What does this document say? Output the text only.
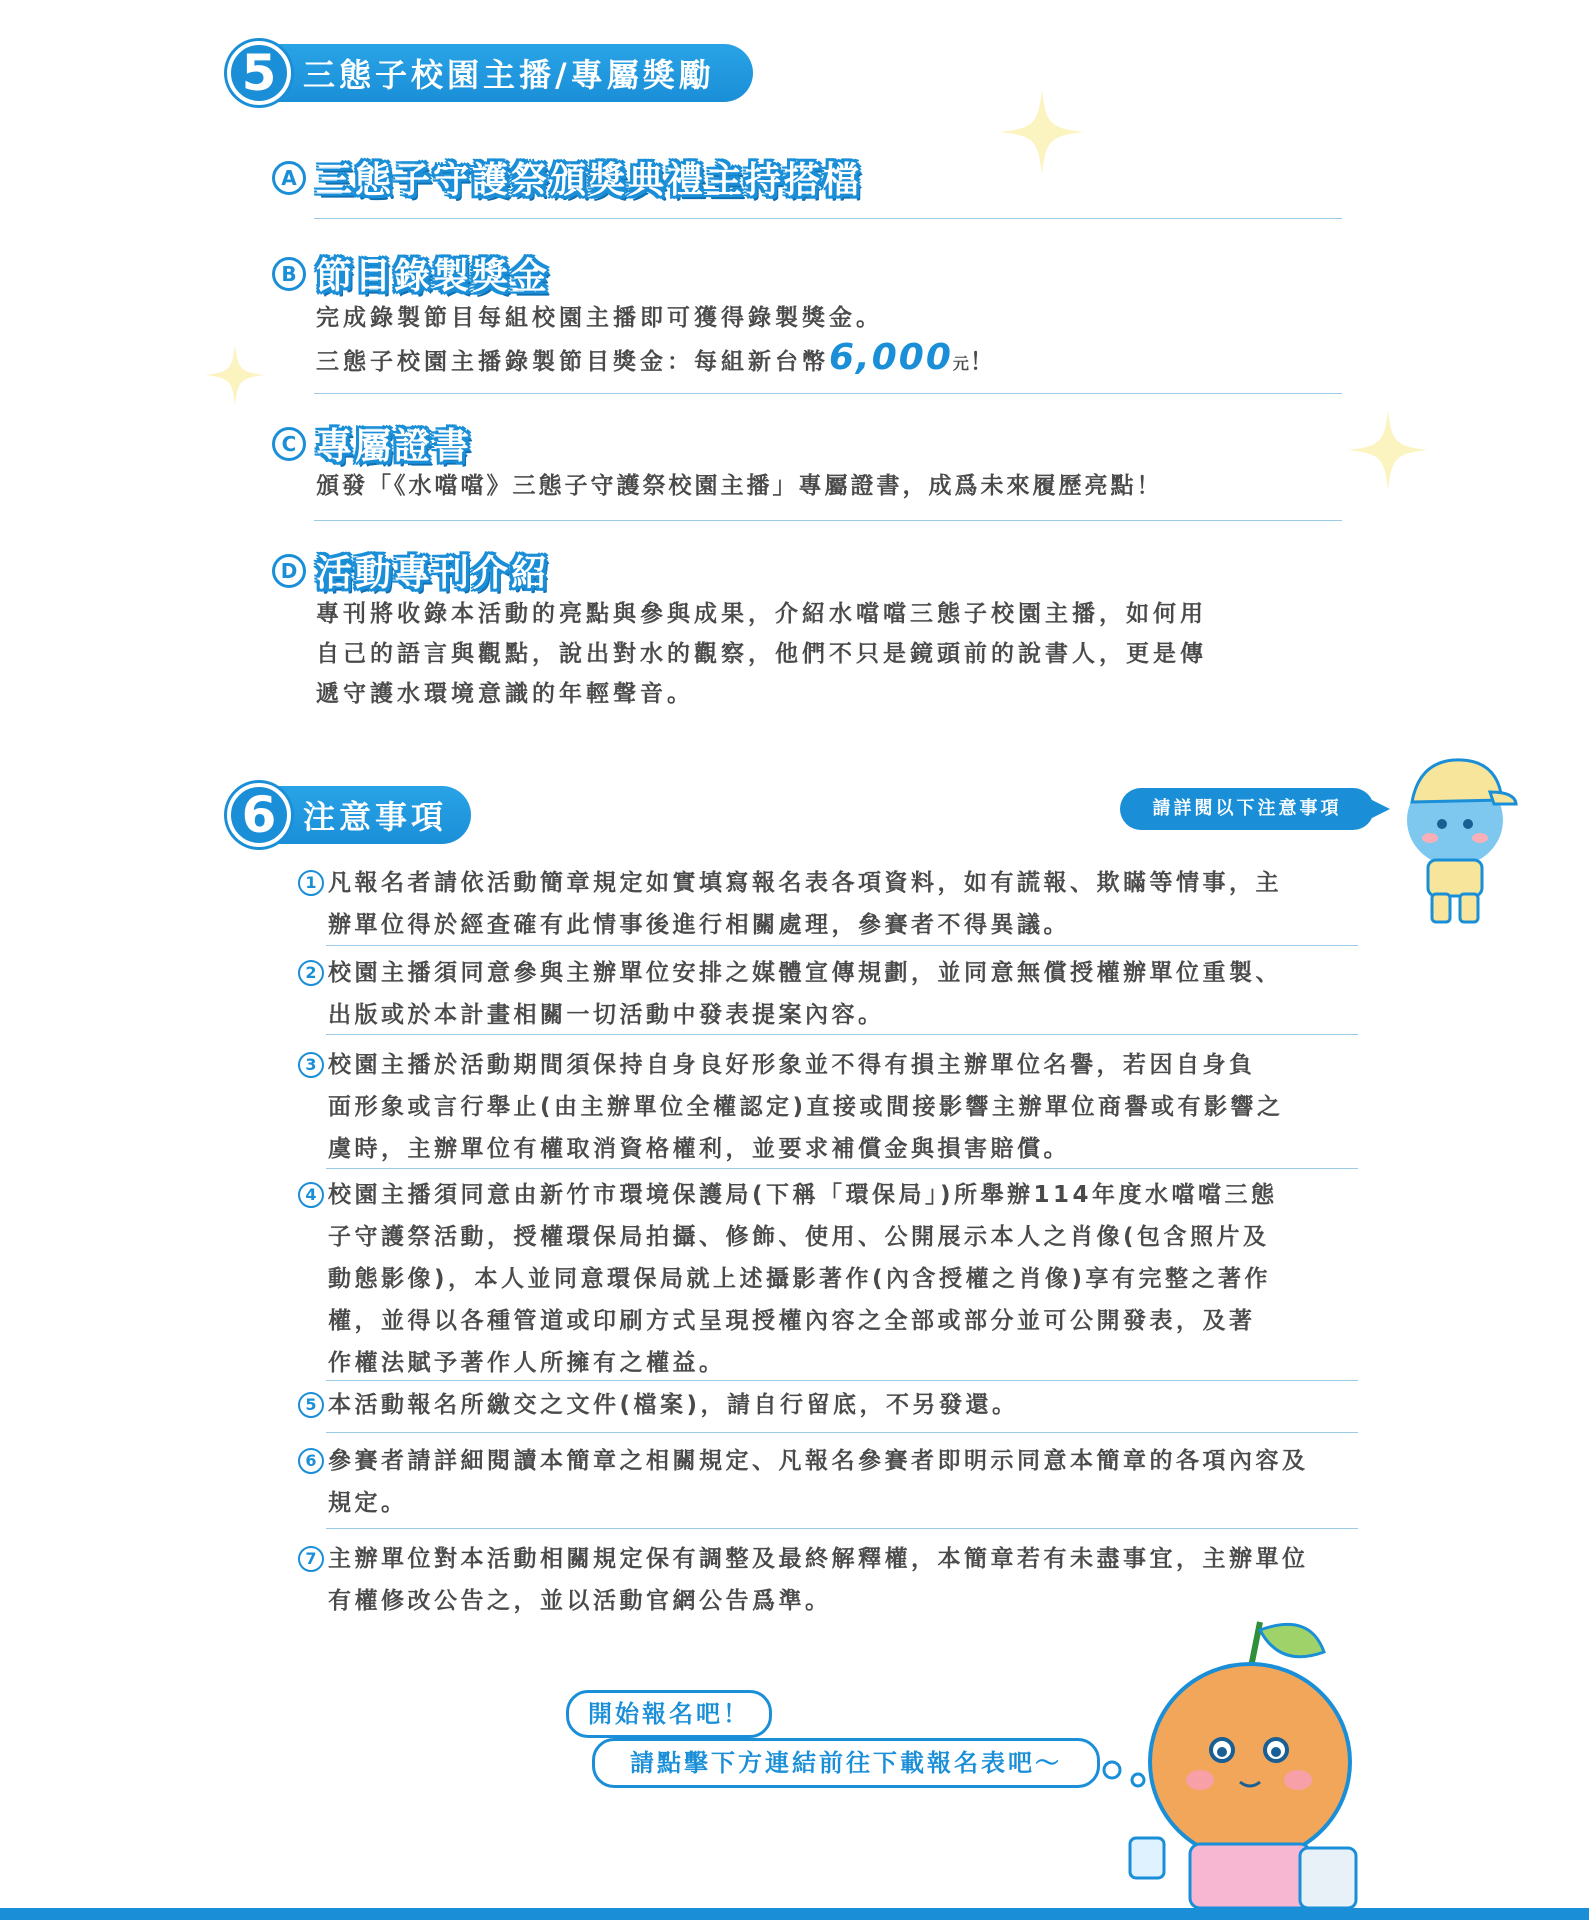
5 三態子校園主播/專屬獎勵
A 三態子守護祭頒獎典禮主持搭檔
B 節目錄製獎金
完成錄製節目每組校園主播即可獲得錄製獎金。
三態子校園主播錄製節目獎金：每組新台幣6,000元！
C 專屬證書
頒發「《水噹噹》三態子守護祭校園主播」專屬證書，成爲未來履歷亮點！
D 活動專刊介紹
專刊將收錄本活動的亮點與參與成果，介紹水噹噹三態子校園主播，如何用
自己的語言與觀點，說出對水的觀察，他們不只是鏡頭前的說書人，更是傳
遞守護水環境意識的年輕聲音。
6 注意事項	請詳閱以下注意事項
1 凡報名者請依活動簡章規定如實填寫報名表各項資料，如有謊報、欺瞞等情事，主
辦單位得於經查確有此情事後進行相關處理，參賽者不得異議。
2 校園主播須同意參與主辦單位安排之媒體宣傳規劃，並同意無償授權辦單位重製、
出版或於本計畫相關一切活動中發表提案內容。
3 校園主播於活動期間須保持自身良好形象並不得有損主辦單位名譽，若因自身負
面形象或言行舉止(由主辦單位全權認定)直接或間接影響主辦單位商譽或有影響之
虞時，主辦單位有權取消資格權利，並要求補償金與損害賠償。
4 校園主播須同意由新竹市環境保護局(下稱「環保局」)所舉辦114年度水噹噹三態
子守護祭活動，授權環保局拍攝、修飾、使用、公開展示本人之肖像(包含照片及
動態影像)，本人並同意環保局就上述攝影著作(內含授權之肖像)享有完整之著作
權，並得以各種管道或印刷方式呈現授權內容之全部或部分並可公開發表，及著
作權法賦予著作人所擁有之權益。
5 本活動報名所繳交之文件(檔案)，請自行留底，不另發還。
6 參賽者請詳細閱讀本簡章之相關規定、凡報名參賽者即明示同意本簡章的各項內容及
規定。
7 主辦單位對本活動相關規定保有調整及最終解釋權，本簡章若有未盡事宜，主辦單位
有權修改公告之，並以活動官網公告爲準。
開始報名吧！
請點擊下方連結前往下載報名表吧～
